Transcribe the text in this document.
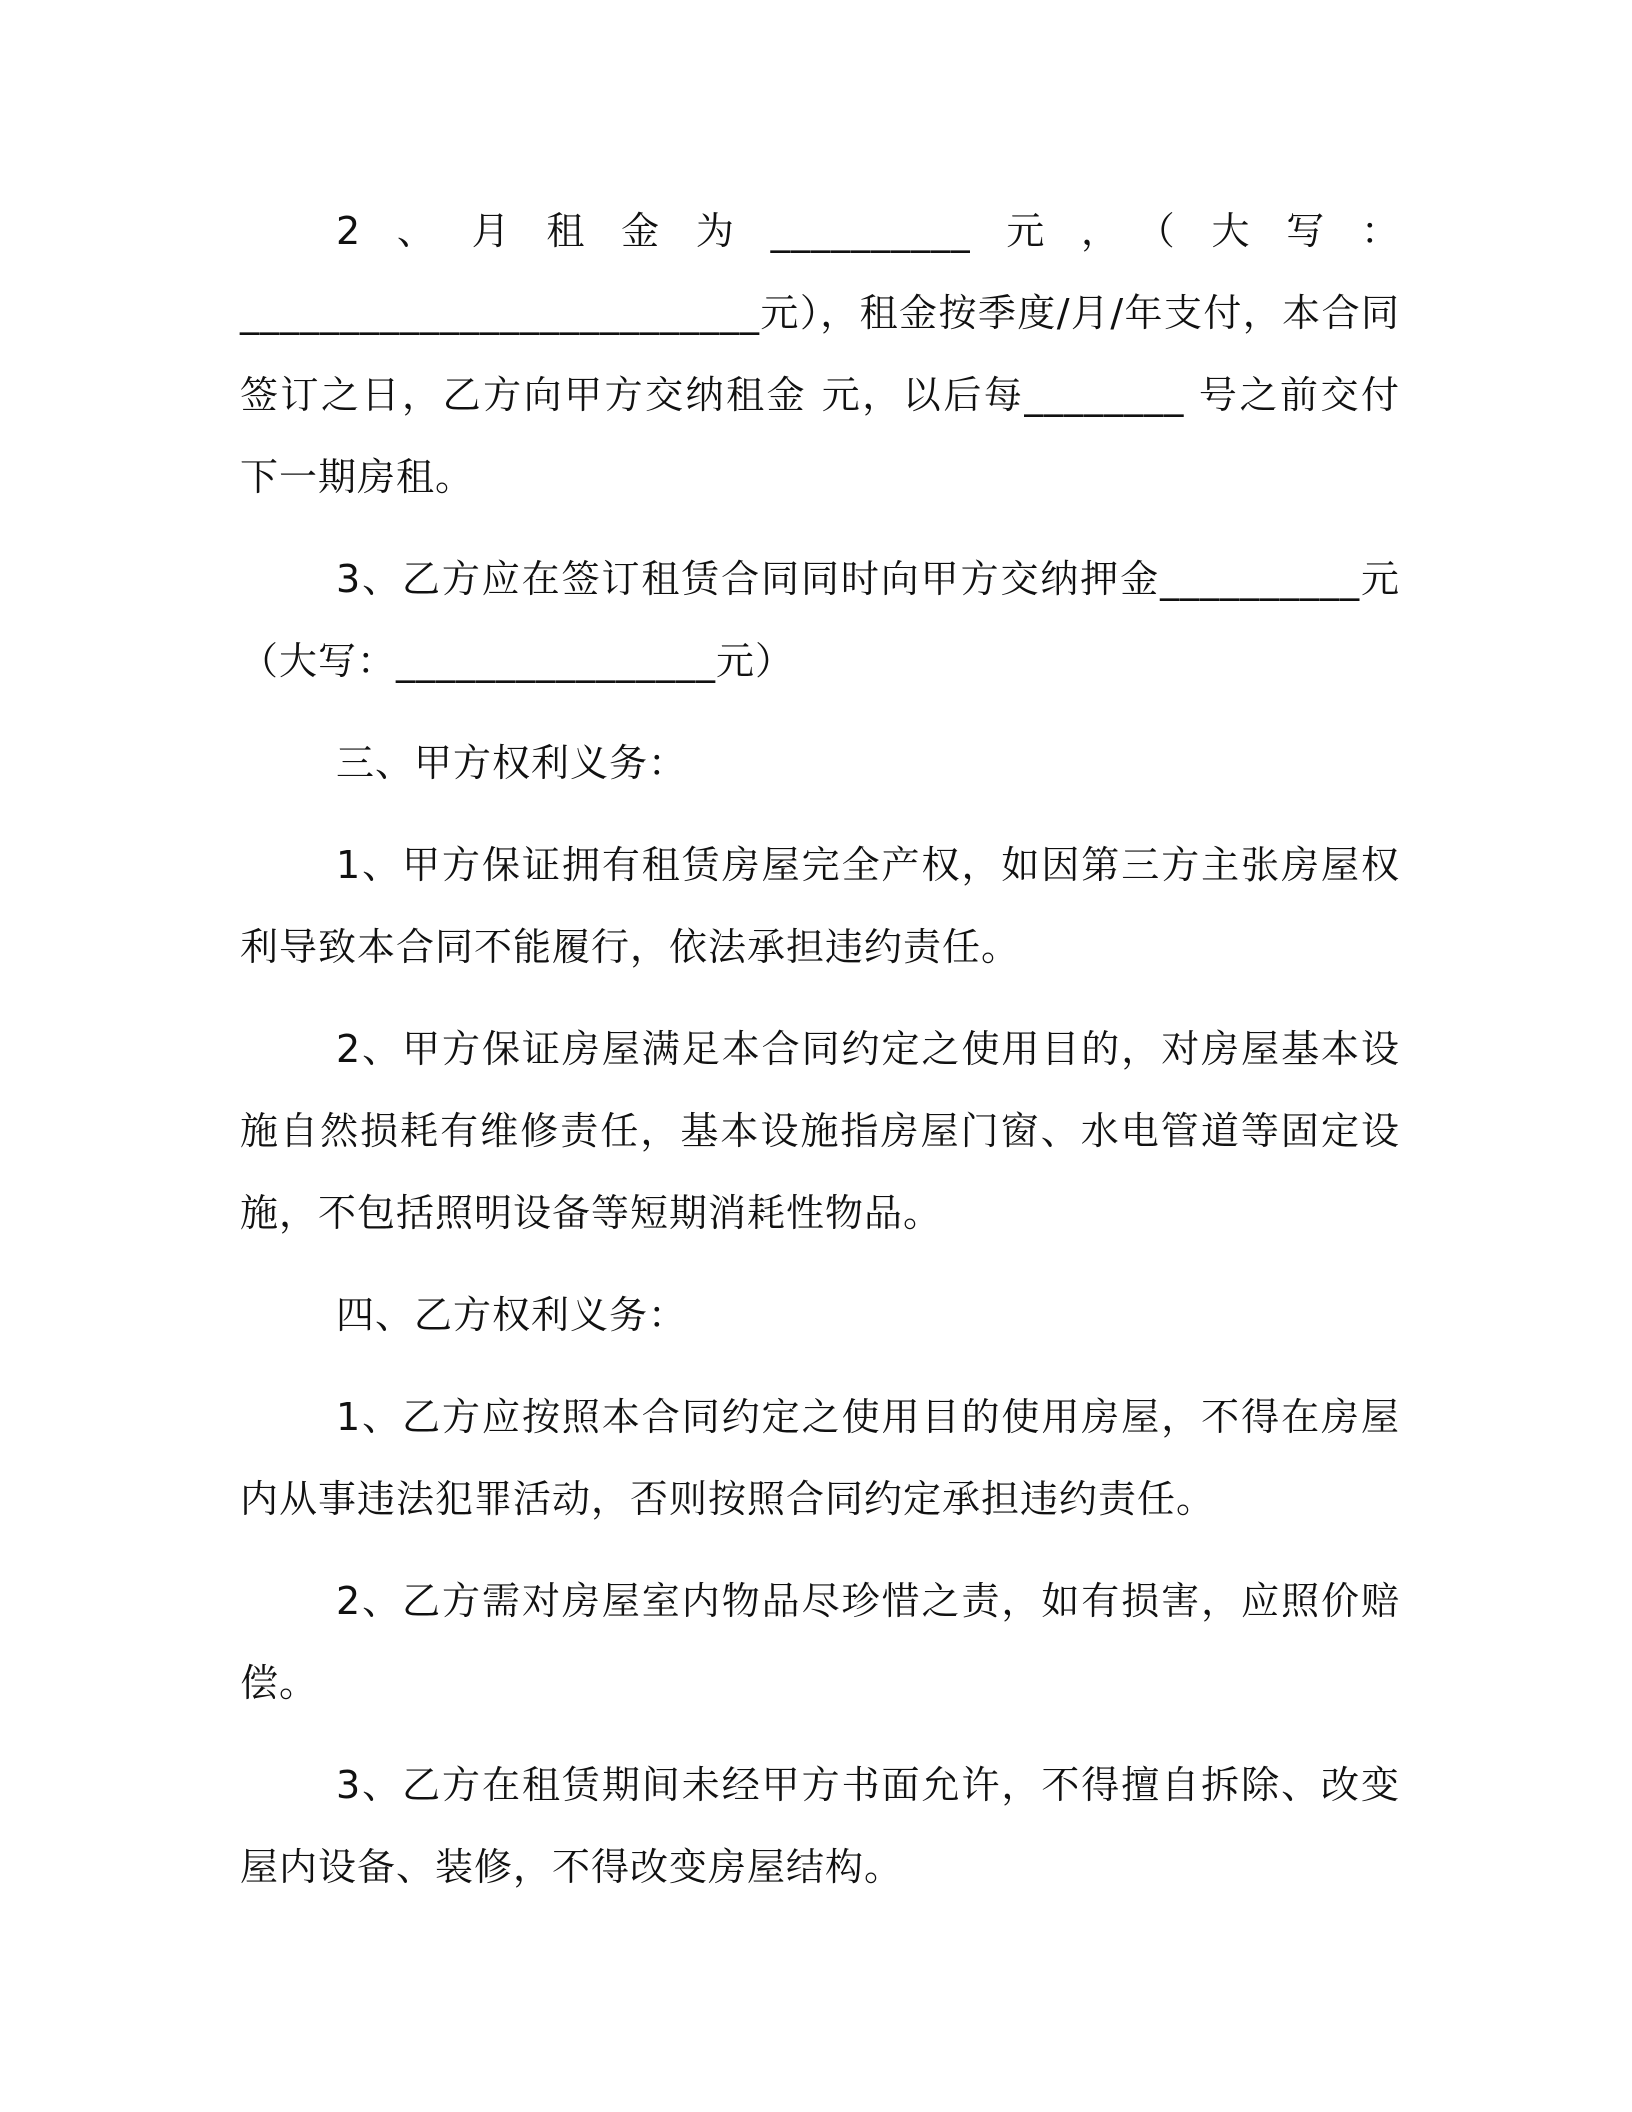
2、月租金为__________元，（大写：__________________________元），租金按季度/月/年支付，本合同签订之日，乙方向甲方交纳租金 元，以后每________ 号之前交付下一期房租。

3、乙方应在签订租赁合同同时向甲方交纳押金__________元（大写：________________元）

三、甲方权利义务：

1、甲方保证拥有租赁房屋完全产权，如因第三方主张房屋权利导致本合同不能履行，依法承担违约责任。

2、甲方保证房屋满足本合同约定之使用目的，对房屋基本设施自然损耗有维修责任，基本设施指房屋门窗、水电管道等固定设施，不包括照明设备等短期消耗性物品。

四、乙方权利义务：

1、乙方应按照本合同约定之使用目的使用房屋，不得在房屋内从事违法犯罪活动，否则按照合同约定承担违约责任。

2、乙方需对房屋室内物品尽珍惜之责，如有损害，应照价赔偿。

3、乙方在租赁期间未经甲方书面允许，不得擅自拆除、改变屋内设备、装修，不得改变房屋结构。
